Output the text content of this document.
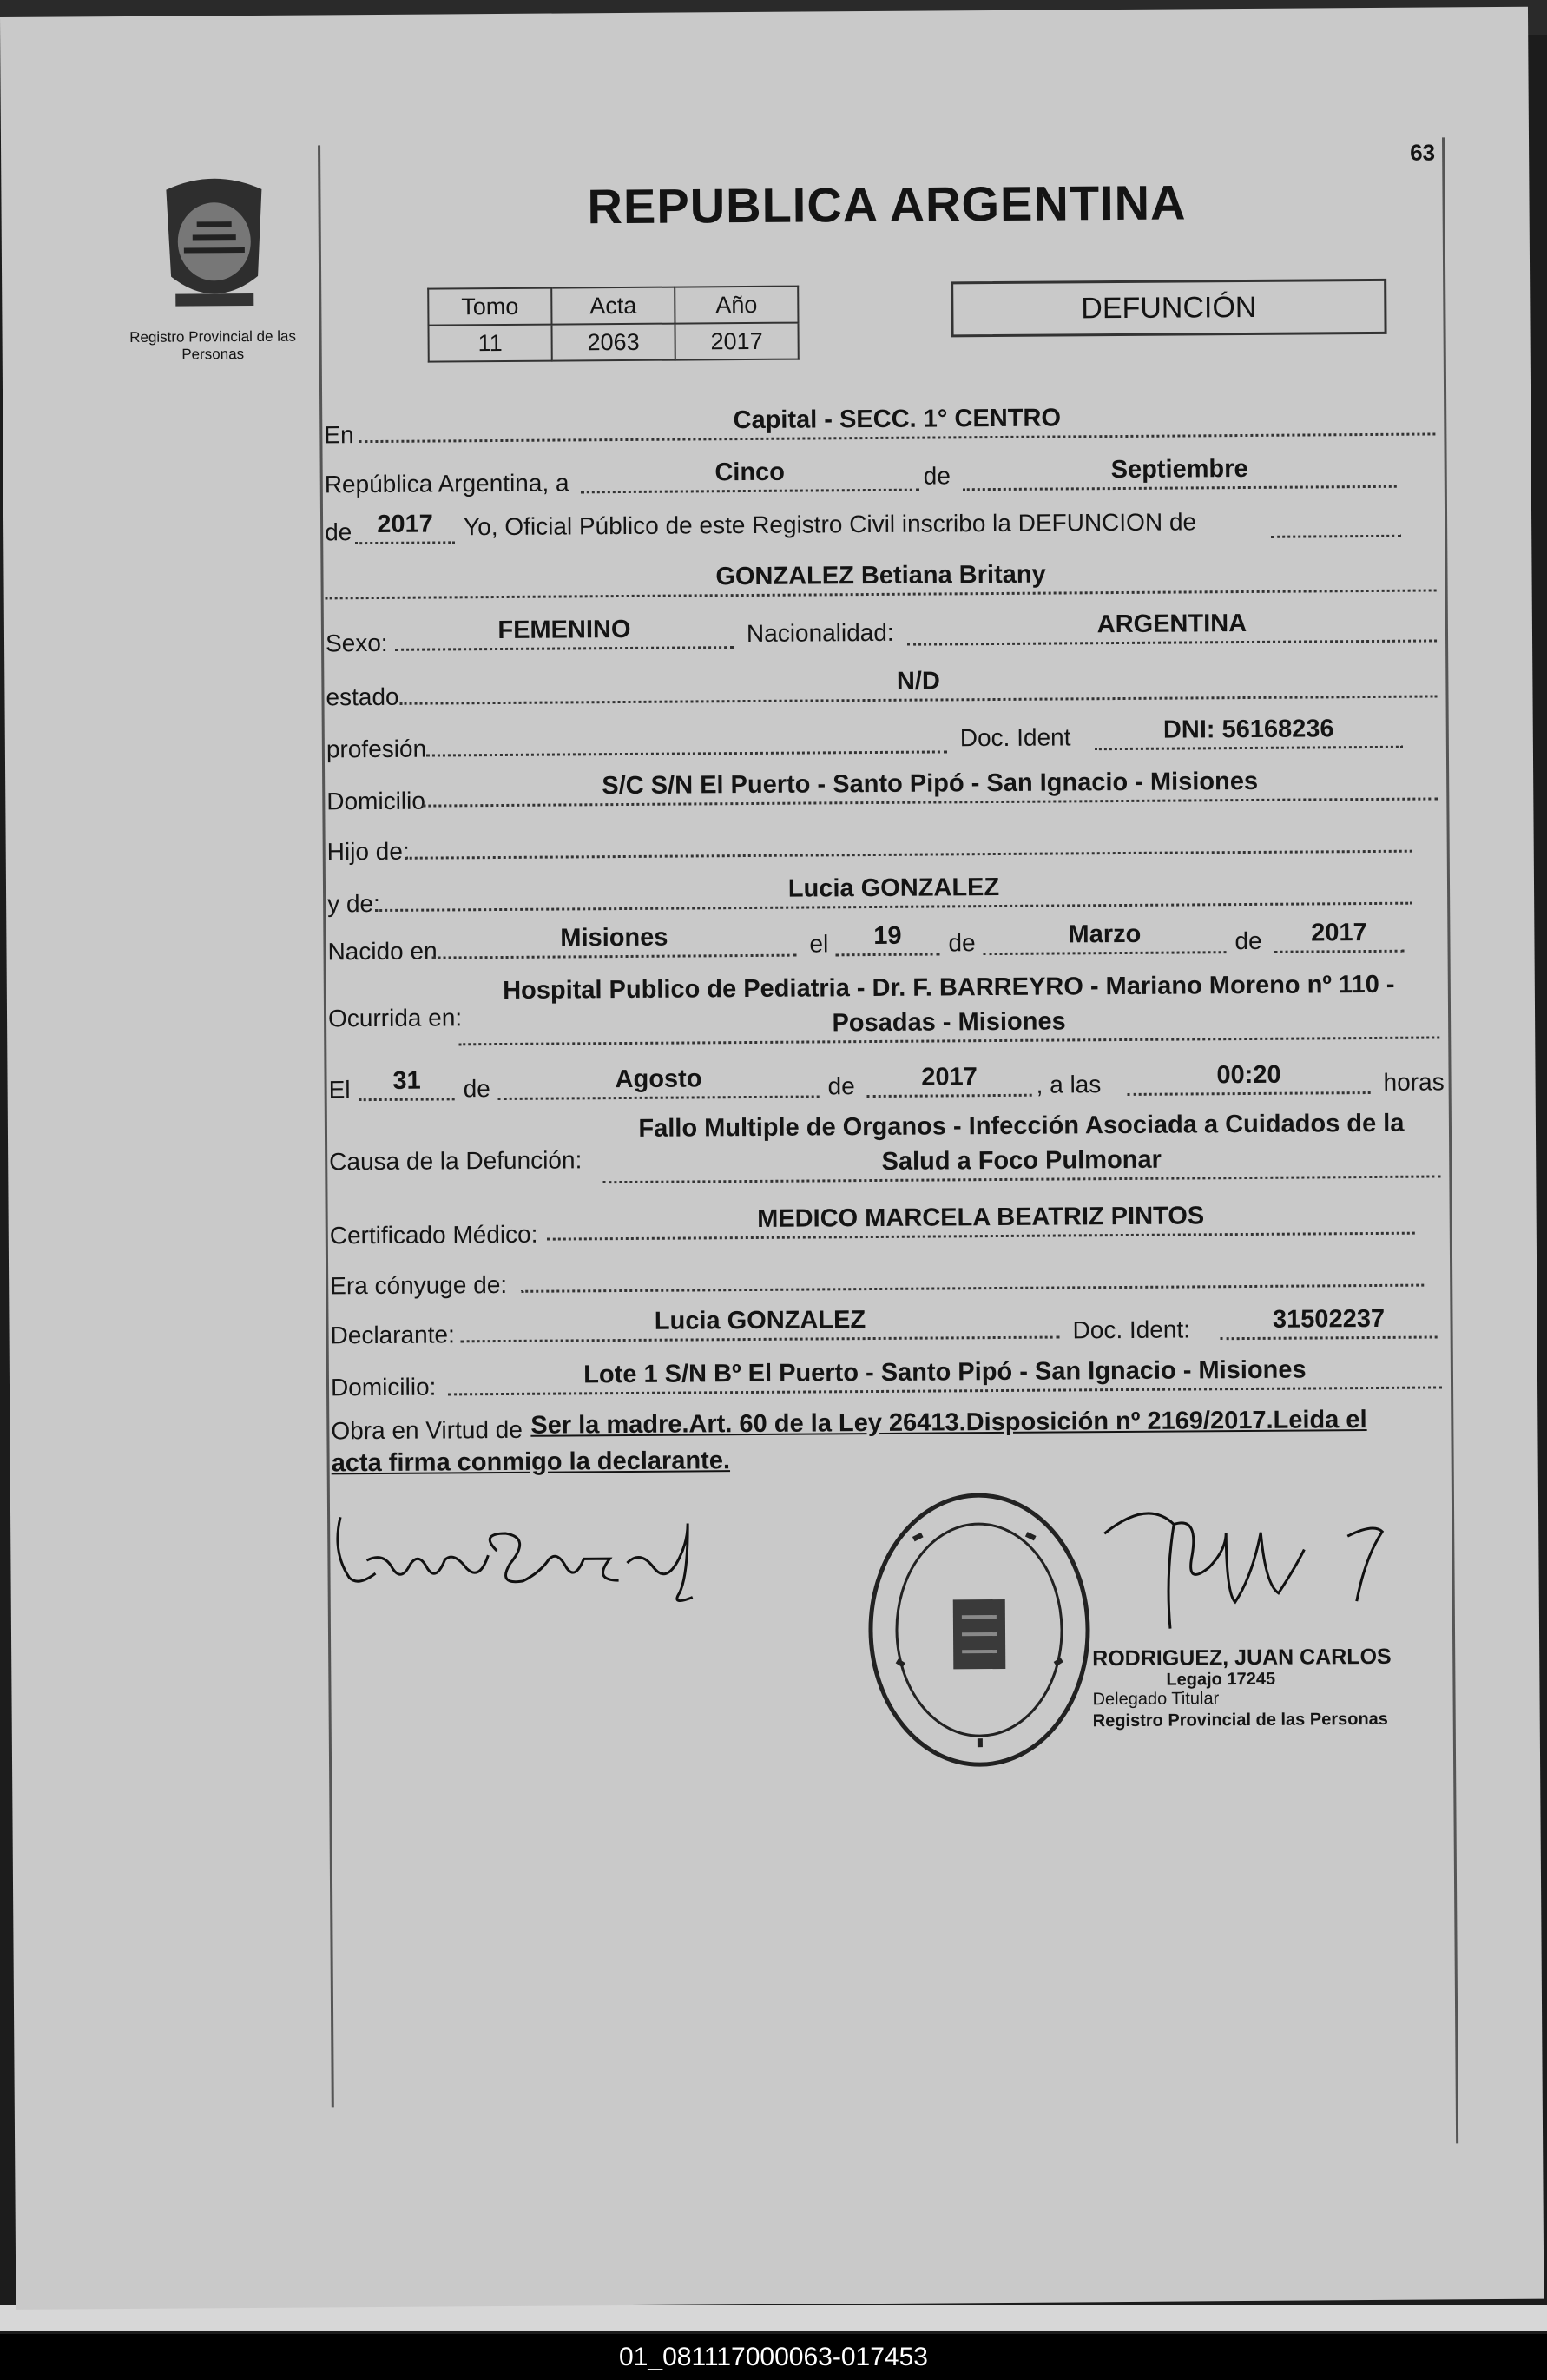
Registro Provincial de las Personas
63
REPUBLICA ARGENTINA
Tomo	Acta	Año
11	2063	2017
DEFUNCIÓN
En
Capital - SECC. 1° CENTRO
República Argentina, a	Cinco	de	Septiembre
de 2017	Yo, Oficial Público de este Registro Civil inscribo la DEFUNCION de
GONZALEZ Betiana Britany
Sexo:	FEMENINO	Nacionalidad:	ARGENTINA
estado
N/D
profesión	Doc. Ident	DNI: 56168236
Domicilio
S/C S/N El Puerto - Santo Pipó - San Ignacio - Misiones
Hijo de:
y de:
Lucia GONZALEZ
Nacido en	Misiones	el	19	de	Marzo	de	2017
Ocurrida en:
Hospital Publico de Pediatria - Dr. F. BARREYRO - Mariano Moreno nº 110 -
Posadas - Misiones
El	31	de	Agosto	de	2017	, a las	00:20	horas
Causa de la Defunción:
Fallo Multiple de Organos - Infección Asociada a Cuidados de la
Salud a Foco Pulmonar
Certificado Médico:
MEDICO MARCELA BEATRIZ PINTOS
Era cónyuge de:
Declarante:	Lucia GONZALEZ	Doc. Ident:	31502237
Domicilio:	Lote 1 S/N Bº El Puerto - Santo Pipó - San Ignacio - Misiones
Obra en Virtud de Ser la madre.Art. 60 de la Ley 26413.Disposición nº 2169/2017.Leida el
acta firma conmigo la declarante.
RODRIGUEZ, JUAN CARLOS
Legajo 17245
Delegado Titular
Registro Provincial de las Personas
01_081117000063-017453
